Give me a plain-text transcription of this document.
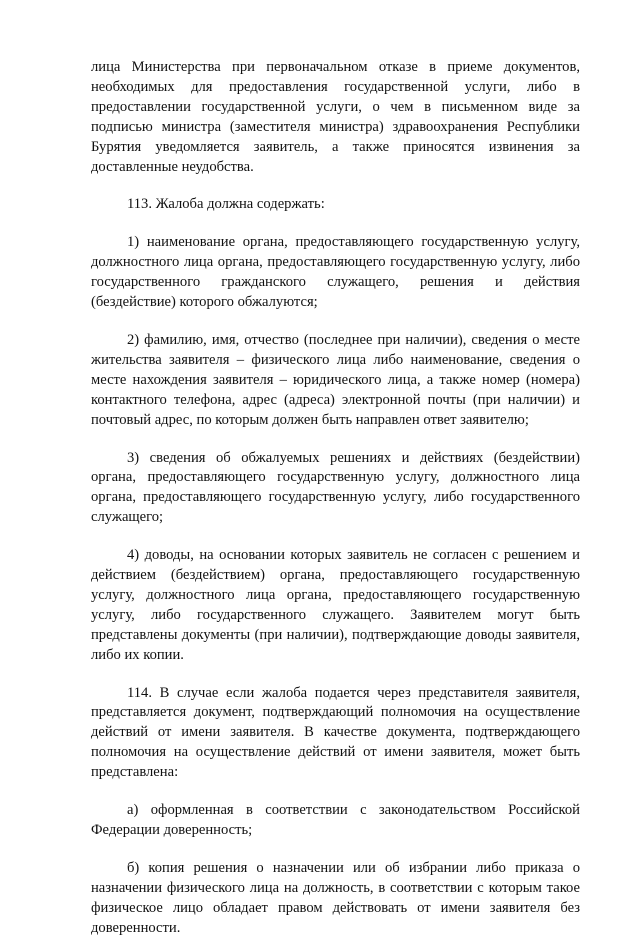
лица Министерства при первоначальном отказе в приеме документов, необходимых для предоставления государственной услуги, либо в предоставлении государственной услуги, о чем в письменном виде за подписью министра (заместителя министра) здравоохранения Республики Бурятия уведомляется заявитель, а также приносятся извинения за доставленные неудобства.

113. Жалоба должна содержать:

1) наименование органа, предоставляющего государственную услугу, должностного лица органа, предоставляющего государственную услугу, либо государственного гражданского служащего, решения и действия (бездействие) которого обжалуются;

2) фамилию, имя, отчество (последнее при наличии), сведения о месте жительства заявителя – физического лица либо наименование, сведения о месте нахождения заявителя – юридического лица, а также номер (номера) контактного телефона, адрес (адреса) электронной почты (при наличии) и почтовый адрес, по которым должен быть направлен ответ заявителю;

3) сведения об обжалуемых решениях и действиях (бездействии) органа, предоставляющего государственную услугу, должностного лица органа, предоставляющего государственную услугу, либо государственного служащего;

4) доводы, на основании которых заявитель не согласен с решением и действием (бездействием) органа, предоставляющего государственную услугу, должностного лица органа, предоставляющего государственную услугу, либо государственного служащего. Заявителем могут быть представлены документы (при наличии), подтверждающие доводы заявителя, либо их копии.

114. В случае если жалоба подается через представителя заявителя, представляется документ, подтверждающий полномочия на осуществление действий от имени заявителя. В качестве документа, подтверждающего полномочия на осуществление действий от имени заявителя, может быть представлена:

а) оформленная в соответствии с законодательством Российской Федерации доверенность;

б) копия решения о назначении или об избрании либо приказа о назначении физического лица на должность, в соответствии с которым такое физическое лицо обладает правом действовать от имени заявителя без доверенности.
